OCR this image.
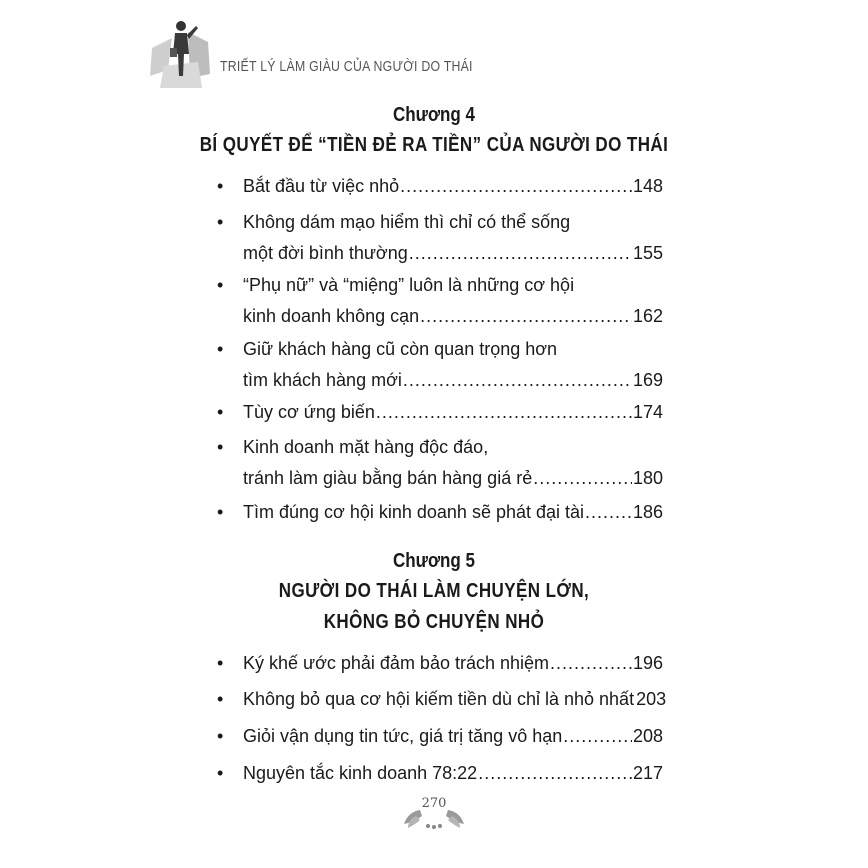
TRIẾT LÝ LÀM GIÀU CỦA NGƯỜI DO THÁI
Chương 4
BÍ QUYẾT ĐỂ “TIỀN ĐẺ RA TIỀN” CỦA NGƯỜI DO THÁI
• Bắt đầu từ việc nhỏ .....	148
• Không dám mạo hiểm thì chỉ có thể sống
một đời bình thường .....	155
• “Phụ nữ” và “miệng” luôn là những cơ hội
kinh doanh không cạn .....	162
• Giữ khách hàng cũ còn quan trọng hơn
tìm khách hàng mới .....	169
• Tùy cơ ứng biến .....	174
• Kinh doanh mặt hàng độc đáo,
tránh làm giàu bằng bán hàng giá rẻ .....	180
• Tìm đúng cơ hội kinh doanh sẽ phát đại tài .....	186
Chương 5
NGƯỜI DO THÁI LÀM CHUYỆN LỚN,
KHÔNG BỎ CHUYỆN NHỎ
• Ký khế ước phải đảm bảo trách nhiệm .....	196
• Không bỏ qua cơ hội kiếm tiền dù chỉ là nhỏ nhất 203
• Giỏi vận dụng tin tức, giá trị tăng vô hạn .....	208
• Nguyên tắc kinh doanh 78:22 .....	217
270
